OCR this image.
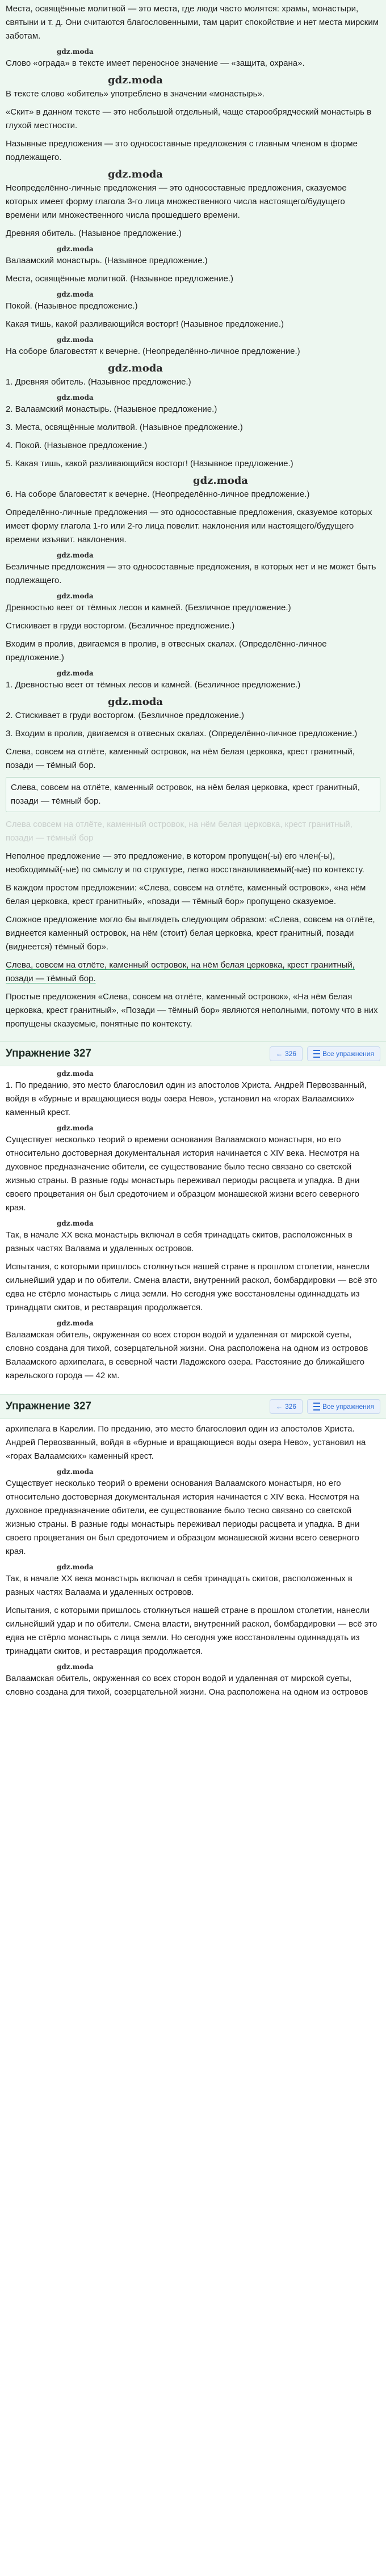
Места, освящённые молитвой — это места, где люди часто молятся: храмы, монастыри, святыни и т. д. Они считаются благословенными, там царит спокойствие и нет места мирским заботам.

gdz.moda

Слово «ограда» в тексте имеет переносное значение — «защита, охрана».

gdz.moda

В тексте слово «обитель» употреблено в значении «монастырь».

«Скит» в данном тексте — это небольшой отдельный, чаще старообрядческий монастырь в глухой местности.

Назывные предложения — это односоставные предложения с главным членом в форме подлежащего.

gdz.moda

Неопределённо-личные предложения — это односоставные предложения, сказуемое которых имеет форму глагола 3-го лица множественного числа настоящего/будущего времени или множественного числа прошедшего времени.

Древняя обитель. (Назывное предложение.)

gdz.moda

Валаамский монастырь. (Назывное предложение.)

Места, освящённые молитвой. (Назывное предложение.)

gdz.moda

Покой. (Назывное предложение.)

Какая тишь, какой разливающийся восторг! (Назывное предложение.)

gdz.moda

На соборе благовестят к вечерне. (Неопределённо-личное предложение.)

gdz.moda

1. Древняя обитель. (Назывное предложение.)

gdz.moda

2. Валаамский монастырь. (Назывное предложение.)

3. Места, освящённые молитвой. (Назывное предложение.)

4. Покой. (Назывное предложение.)

5. Какая тишь, какой разливающийся восторг! (Назывное предложение.)

gdz.moda

6. На соборе благовестят к вечерне. (Неопределённо-личное предложение.)

Определённо-личные предложения — это односоставные предложения, сказуемое которых имеет форму глагола 1-го или 2-го лица повелит. наклонения или настоящего/будущего времени изъявит. наклонения.

gdz.moda

Безличные предложения — это односоставные предложения, в которых нет и не может быть подлежащего.

gdz.moda

Древностью веет от тёмных лесов и камней. (Безличное предложение.)

Стискивает в груди восторгом. (Безличное предложение.)

Входим в пролив, двигаемся в пролив, в отвесных скалах. (Определённо-личное предложение.)

gdz.moda

1. Древностью веет от тёмных лесов и камней. (Безличное предложение.)

gdz.moda

2. Стискивает в груди восторгом. (Безличное предложение.)

3. Входим в пролив, двигаемся в отвесных скалах. (Определённо-личное предложение.)

Слева, совсем на отлёте, каменный островок, на нём белая церковка, крест гранитный, позади — тёмный бор.

Слева, совсем на отлёте, каменный островок, на нём белая церковка, крест гранитный, позади — тёмный бор.

Слева совсем на отлёте, каменный островок, на нём белая церковка, крест гранитный, позади — тёмный бор

Неполное предложение — это предложение, в котором пропущен(-ы) его член(-ы), необходимый(-ые) по смыслу и по структуре, легко восстанавливаемый(-ые) по контексту.

В каждом простом предложении: «Слева, совсем на отлёте, каменный островок», «на нём белая церковка, крест гранитный», «позади — тёмный бор» пропущено сказуемое.

Сложное предложение могло бы выглядеть следующим образом: «Слева, совсем на отлёте, виднеется каменный островок, на нём (стоит) белая церковка, крест гранитный, позади (виднеется) тёмный бор».

Слева, совсем на отлёте, каменный островок, на нём белая церковка, крест гранитный, позади — тёмный бор.

Простые предложения «Слева, совсем на отлёте, каменный островок», «На нём белая церковка, крест гранитный», «Позади — тёмный бор» являются неполными, потому что в них пропущены сказуемые, понятные по контексту.

Упражнение 327	← 326	Все упражнения
gdz.moda

1. По преданию, это место благословил один из апостолов Христа. Андрей Первозванный, войдя в «бурные и вращающиеся воды озера Нево», установил на «горах Валаамских» каменный крест.

gdz.moda

Существует несколько теорий о времени основания Валаамского монастыря, но его относительно достоверная документальная история начинается с XIV века. Несмотря на духовное предназначение обители, ее существование было тесно связано со светской жизнью страны. В разные годы монастырь переживал периоды расцвета и упадка. В дни своего процветания он был средоточием и образцом монашеской жизни всего северного края.

gdz.moda

Так, в начале XX века монастырь включал в себя тринадцать скитов, расположенных в разных частях Валаама и удаленных островов.

Испытания, с которыми пришлось столкнуться нашей стране в прошлом столетии, нанесли сильнейший удар и по обители. Смена власти, внутренний раскол, бомбардировки — всё это едва не стёрло монастырь с лица земли. Но сегодня уже восстановлены одиннадцать из тринадцати скитов, и реставрация продолжается.

gdz.moda

Валаамская обитель, окруженная со всех сторон водой и удаленная от мирской суеты, словно создана для тихой, созерцательной жизни. Она расположена на одном из островов Валаамского архипелага, в северной части Ладожского озера. Расстояние до ближайшего карельского города — 42 км.

Упражнение 327	← 326	Все упражнения

архипелага в Карелии. По преданию, это место благословил один из апостолов Христа. Андрей Первозванный, войдя в «бурные и вращающиеся воды озера Нево», установил на «горах Валаамских» каменный крест.

gdz.moda

Существует несколько теорий о времени основания Валаамского монастыря, но его относительно достоверная документальная история начинается с XIV века. Несмотря на духовное предназначение обители, ее существование было тесно связано со светской жизнью страны. В разные годы монастырь переживал периоды расцвета и упадка. В дни своего процветания он был средоточием и образцом монашеской жизни всего северного края.

gdz.moda

Так, в начале XX века монастырь включал в себя тринадцать скитов, расположенных в разных частях Валаама и удаленных островов.

Испытания, с которыми пришлось столкнуться нашей стране в прошлом столетии, нанесли сильнейший удар и по обители. Смена власти, внутренний раскол, бомбардировки — всё это едва не стёрло монастырь с лица земли. Но сегодня уже восстановлены одиннадцать из тринадцати скитов, и реставрация продолжается.

gdz.moda

Валаамская обитель, окруженная со всех сторон водой и удаленная от мирской суеты, словно создана для тихой, созерцательной жизни. Она расположена на одном из островов
